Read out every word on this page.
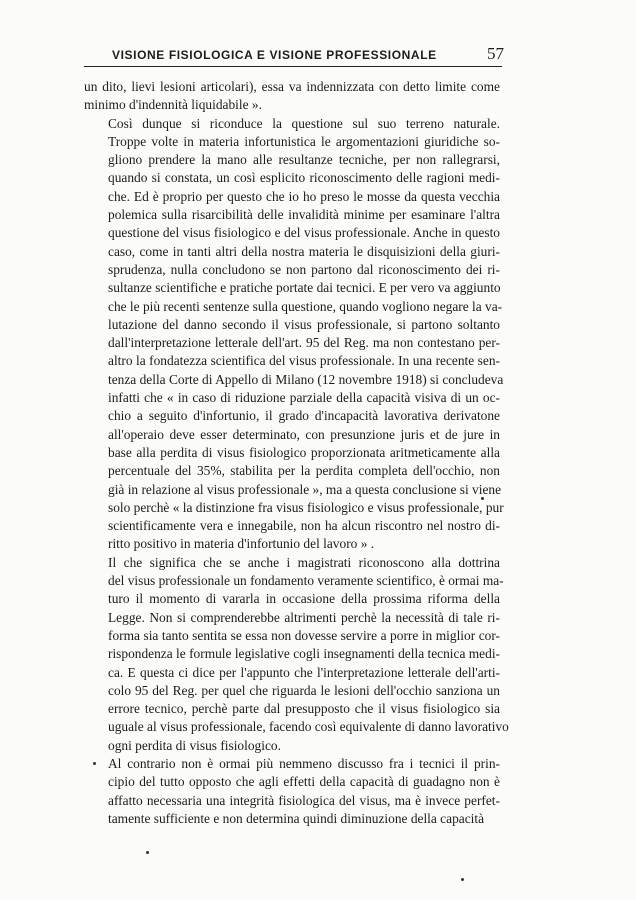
VISIONE FISIOLOGICA E VISIONE PROFESSIONALE	57

un dito, lievi lesioni articolari), essa va indennizzata con detto limite come
minimo d'indennità liquidabile ».

Così dunque si riconduce la questione sul suo terreno naturale.
Troppe volte in materia infortunistica le argomentazioni giuridiche so-
gliono prendere la mano alle resultanze tecniche, per non rallegrarsi,
quando si constata, un così esplicito riconoscimento delle ragioni medi-
che. Ed è proprio per questo che io ho preso le mosse da questa vecchia
polemica sulla risarcibilità delle invalidità minime per esaminare l'altra
questione del visus fisiologico e del visus professionale. Anche in questo
caso, come in tanti altri della nostra materia le disquisizioni della giuri-
sprudenza, nulla concludono se non partono dal riconoscimento dei ri-
sultanze scientifiche e pratiche portate dai tecnici. E per vero va aggiunto
che le più recenti sentenze sulla questione, quando vogliono negare la va-
lutazione del danno secondo il visus professionale, si partono soltanto
dall'interpretazione letterale dell'art. 95 del Reg. ma non contestano per-
altro la fondatezza scientifica del visus professionale. In una recente sen-
tenza della Corte di Appello di Milano (12 novembre 1918) si concludeva
infatti che « in caso di riduzione parziale della capacità visiva di un oc-
chio a seguito d'infortunio, il grado d'incapacità lavorativa derivatone
all'operaio deve esser determinato, con presunzione juris et de jure in
base alla perdita di visus fisiologico proporzionata aritmeticamente alla
percentuale del 35%, stabilita per la perdita completa dell'occhio, non
già in relazione al visus professionale », ma a questa conclusione si viene
solo perchè « la distinzione fra visus fisiologico e visus professionale, pur
scientificamente vera e innegabile, non ha alcun riscontro nel nostro di-
ritto positivo in materia d'infortunio del lavoro » .

Il che significa che se anche i magistrati riconoscono alla dottrina
del visus professionale un fondamento veramente scientifico, è ormai ma-
turo il momento di vararla in occasione della prossima riforma della
Legge. Non si comprenderebbe altrimenti perchè la necessità di tale ri-
forma sia tanto sentita se essa non dovesse servire a porre in miglior cor-
rispondenza le formule legislative cogli insegnamenti della tecnica medi-
ca. E questa ci dice per l'appunto che l'interpretazione letterale dell'arti-
colo 95 del Reg. per quel che riguarda le lesioni dell'occhio sanziona un
errore tecnico, perchè parte dal presupposto che il visus fisiologico sia
uguale al visus professionale, facendo così equivalente di danno lavorativo
ogni perdita di visus fisiologico.

Al contrario non è ormai più nemmeno discusso fra i tecnici il prin-
cipio del tutto opposto che agli effetti della capacità di guadagno non è
affatto necessaria una integrità fisiologica del visus, ma è invece perfet-
tamente sufficiente e non determina quindi diminuzione della capacità
